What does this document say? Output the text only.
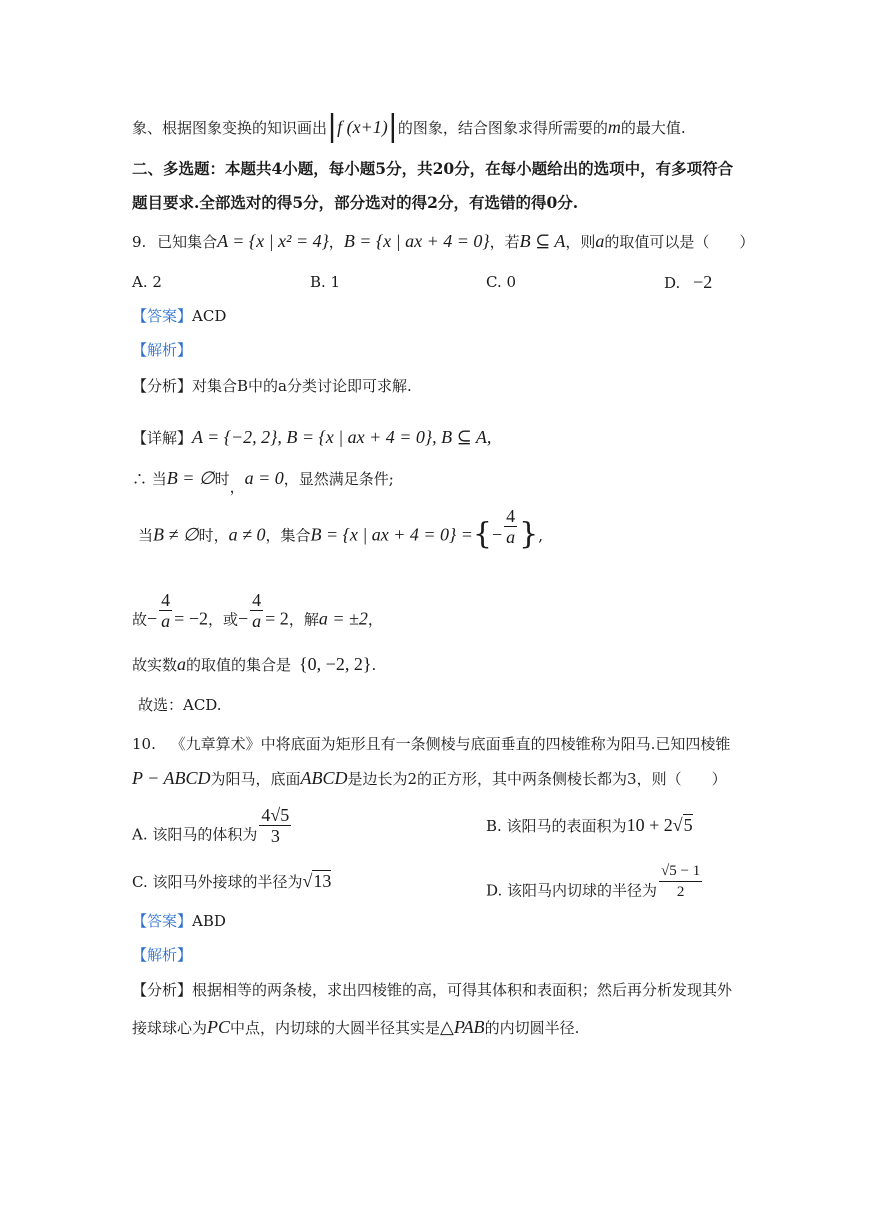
象、根据图象变换的知识画出|f (x+1)|的图象，结合图象求得所需要的m的最大值.
二、多选题：本题共4小题，每小题5分，共20分，在每小题给出的选项中，有多项符合
题目要求.全部选对的得5分，部分选对的得2分，有选错的得0分.
9. 已知集合A = {x | x² = 4}，B = {x | ax + 4 = 0}，若B ⊆ A，则a的取值可以是（　　）
A. 2	B. 1	C. 0	D. −2
【答案】ACD
【解析】
【分析】对集合B中的a分类讨论即可求解.
【详解】A = {−2, 2}, B = {x | ax + 4 = 0}, B ⊆ A,
∴ 当B = ∅时，a = 0，显然满足条件;
当B ≠ ∅时，a ≠ 0，集合B = {x | ax + 4 = 0} ={− $\frac{4}{a}$ },
故− $\frac{4}{a} = -2$，或− $\frac{4}{a} = 2$，解a = ±2，
故实数a的取值的集合是 {0, −2, 2}.
故选：ACD.
10. 《九章算术》中将底面为矩形且有一条侧棱与底面垂直的四棱锥称为阳马.已知四棱锥
P − ABCD为阳马，底面ABCD是边长为2的正方形，其中两条侧棱长都为3，则（　　）
A. 该阳马的体积为 $\frac{4√5}{3}$	B. 该阳马的表面积为10 + 2√5
C. 该阳马外接球的半径为√13	D. 该阳马内切球的半径为 $\frac{√5 - 1}{2}$
【答案】ABD
【解析】
【分析】根据相等的两条棱，求出四棱锥的高，可得其体积和表面积；然后再分析发现其外
接球球心为PC中点，内切球的大圆半径其实是△PAB的内切圆半径.
